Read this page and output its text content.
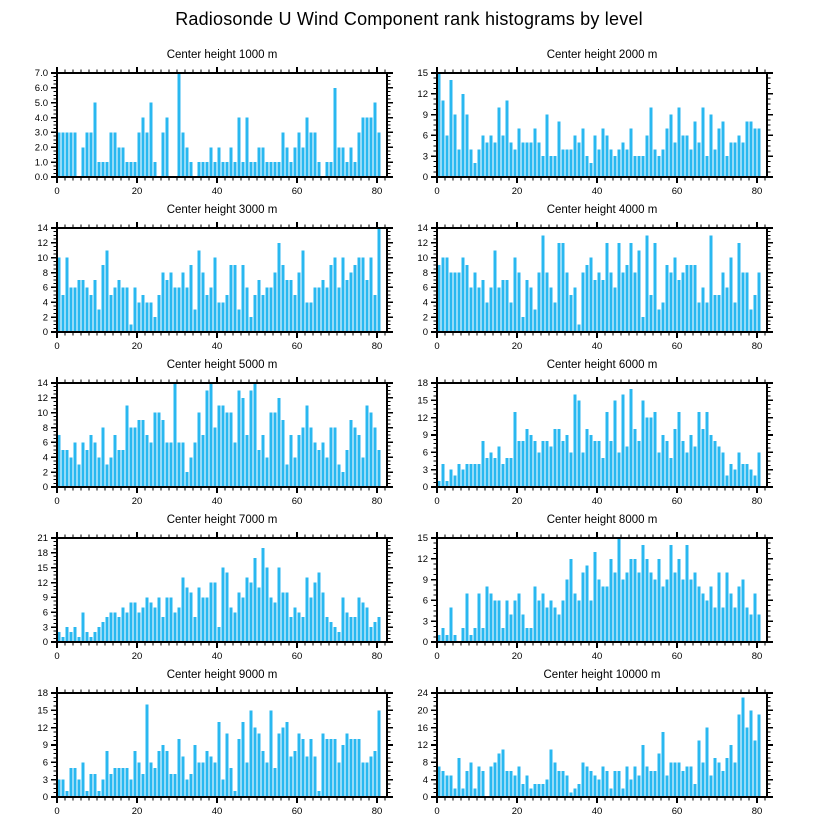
Radiosonde U Wind Component rank histograms by level
Center height 1000 m
0.0
1.0
2.0
3.0
4.0
5.0
6.0
7.0
0	20	40	60	80
Center height 2000 m
0
3
6
9
12
15
0	20	40	60	80
Center height 3000 m
0
2
4
6
8
10
12
14
0	20	40	60	80
Center height 4000 m
0
2
4
6
8
10
12
14
0	20	40	60	80
Center height 5000 m
0
2
4
6
8
10
12
14
0	20	40	60	80
Center height 6000 m
0
3
6
9
12
15
18
0	20	40	60	80
Center height 7000 m
0
3
6
9
12
15
18
21
0	20	40	60	80
Center height 8000 m
0
3
6
9
12
15
0	20	40	60	80
Center height 9000 m
0
3
6
9
12
15
18
0	20	40	60	80
Center height 10000 m
0
4
8
12
16
20
24
0	20	40	60	80
